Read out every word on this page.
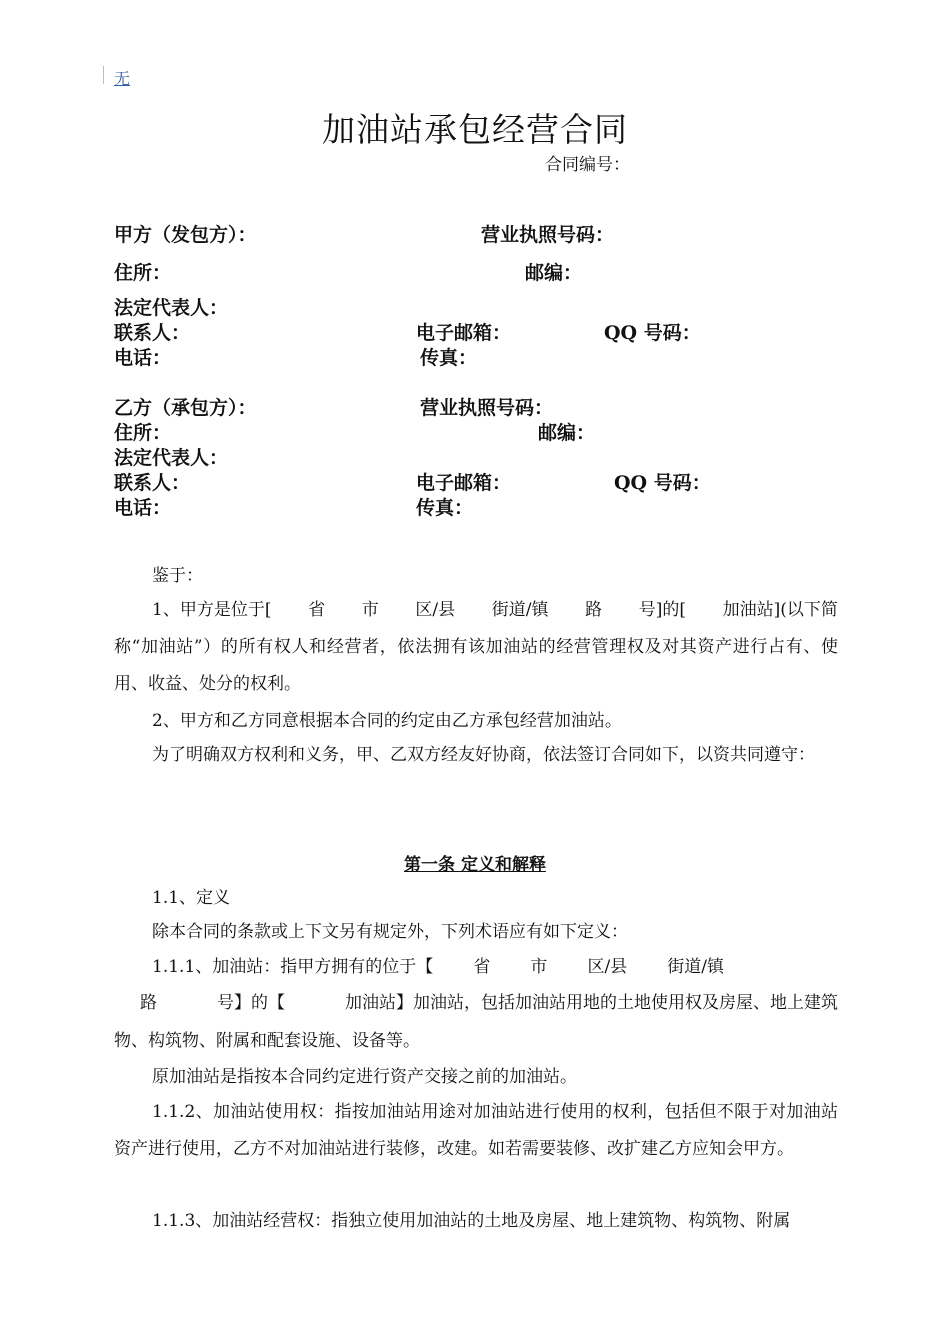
无
加油站承包经营合同
合同编号：
甲方（发包方）：	营业执照号码：
住所：	邮编：
法定代表人：
联系人：	电子邮箱：	QQ 号码：
电话：	传真：
乙方（承包方）：	营业执照号码：
住所：	邮编：
法定代表人：
联系人：	电子邮箱：	QQ 号码：
电话：	传真：
鉴于：
1、甲方是位于[ 省 市 区/县 街道/镇 路 号]的[ 加油站](以下简
称“加油站”）的所有权人和经营者，依法拥有该加油站的经营管理权及对其资产进行占有、使用、收益、处分的权利。
2、甲方和乙方同意根据本合同的约定由乙方承包经营加油站。
为了明确双方权利和义务，甲、乙双方经友好协商，依法签订合同如下，以资共同遵守：
第一条 定义和解释
1.1、定义
除本合同的条款或上下文另有规定外，下列术语应有如下定义：
1.1.1、加油站：指甲方拥有的位于【 省 市 区/县 街道/镇
路	号】的【	加油站】加油站，包括加油站用地的土地使用权及房屋、地上建筑
物、构筑物、附属和配套设施、设备等。
原加油站是指按本合同约定进行资产交接之前的加油站。
1.1.2、加油站使用权：指按加油站用途对加油站进行使用的权利，包括但不限于对加油站资产进行使用，乙方不对加油站进行装修，改建。如若需要装修、改扩建乙方应知会甲方。
1.1.3、加油站经营权：指独立使用加油站的土地及房屋、地上建筑物、构筑物、附属
